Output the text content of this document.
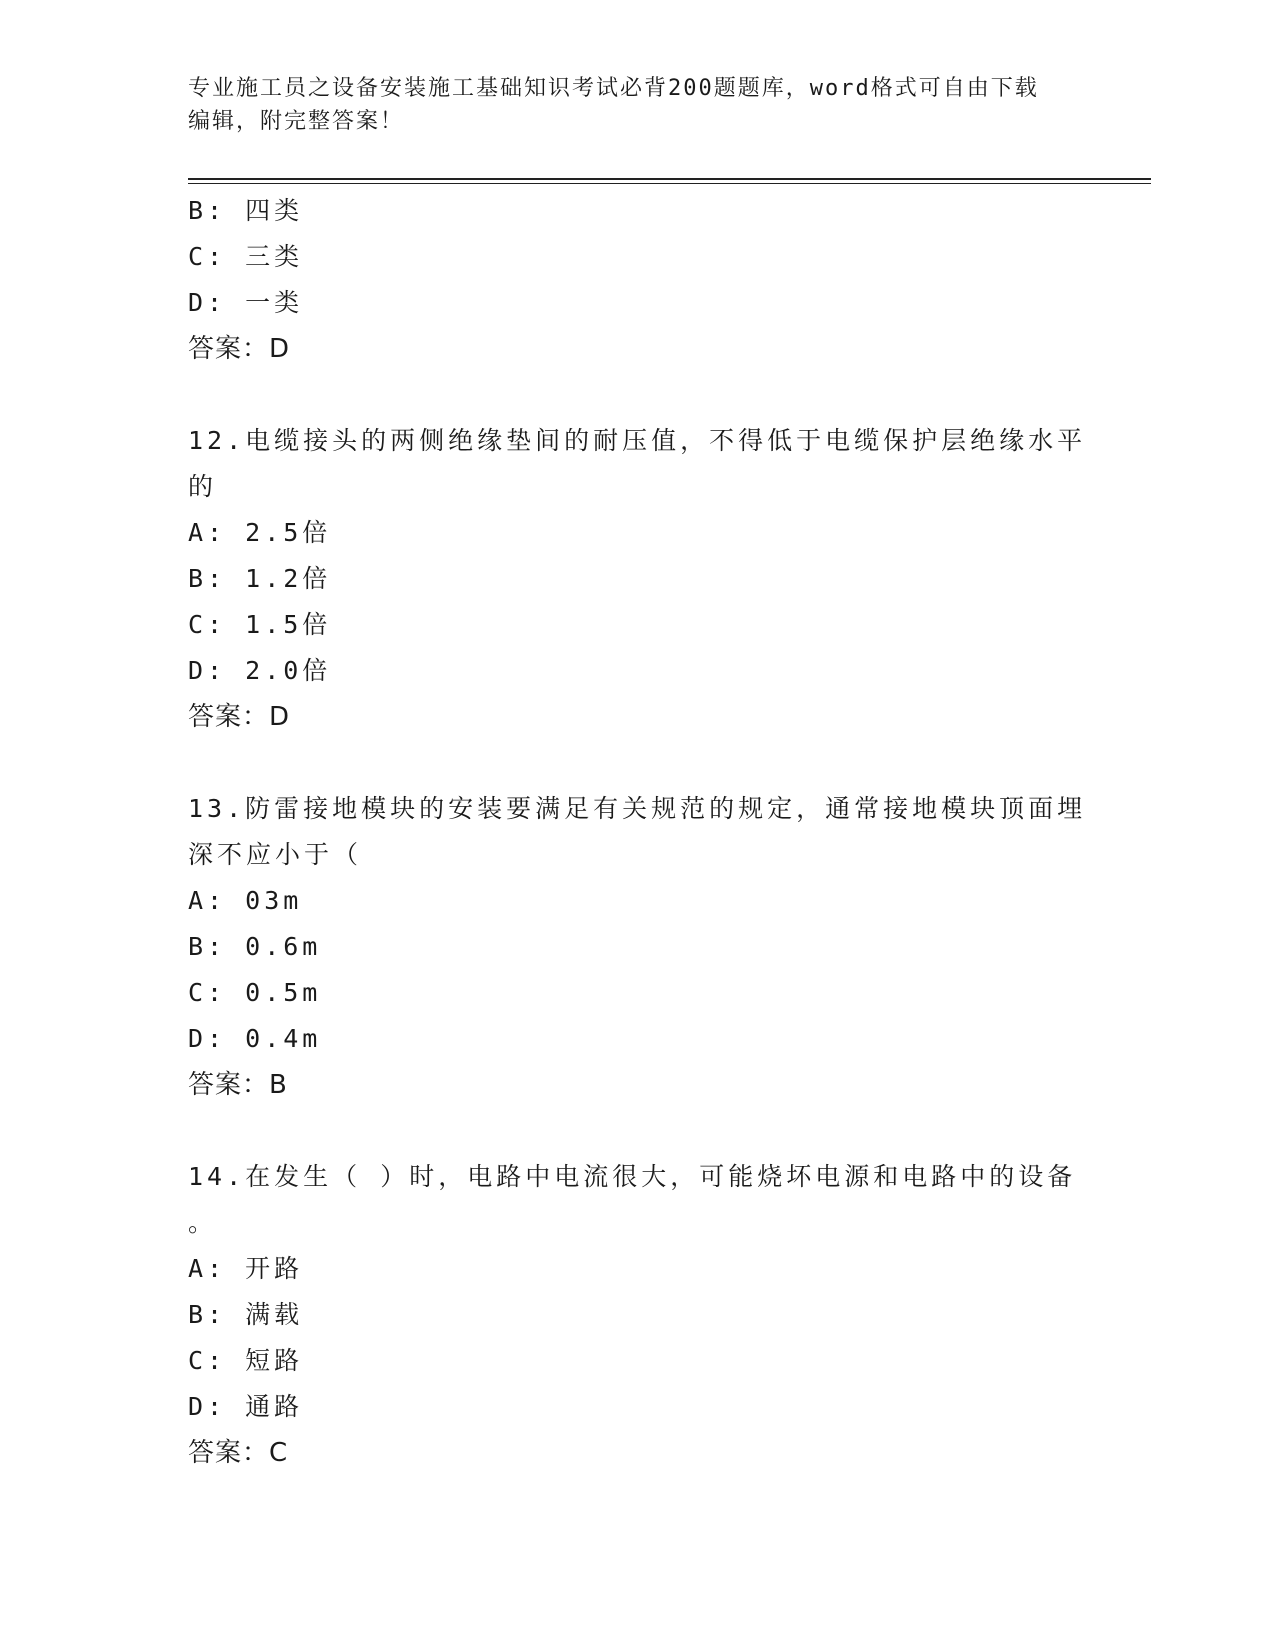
专业施工员之设备安装施工基础知识考试必背200题题库，word格式可自由下载
编辑，附完整答案！
B: 四类
C: 三类
D: 一类
答案：D
12.电缆接头的两侧绝缘垫间的耐压值，不得低于电缆保护层绝缘水平
的
A: 2.5倍
B: 1.2倍
C: 1.5倍
D: 2.0倍
答案：D
13.防雷接地模块的安装要满足有关规范的规定，通常接地模块顶面埋
深不应小于（
A: 03m
B: 0.6m
C: 0.5m
D: 0.4m
答案：B
14.在发生（ ）时，电路中电流很大，可能烧坏电源和电路中的设备
。
A: 开路
B: 满载
C: 短路
D: 通路
答案：C
